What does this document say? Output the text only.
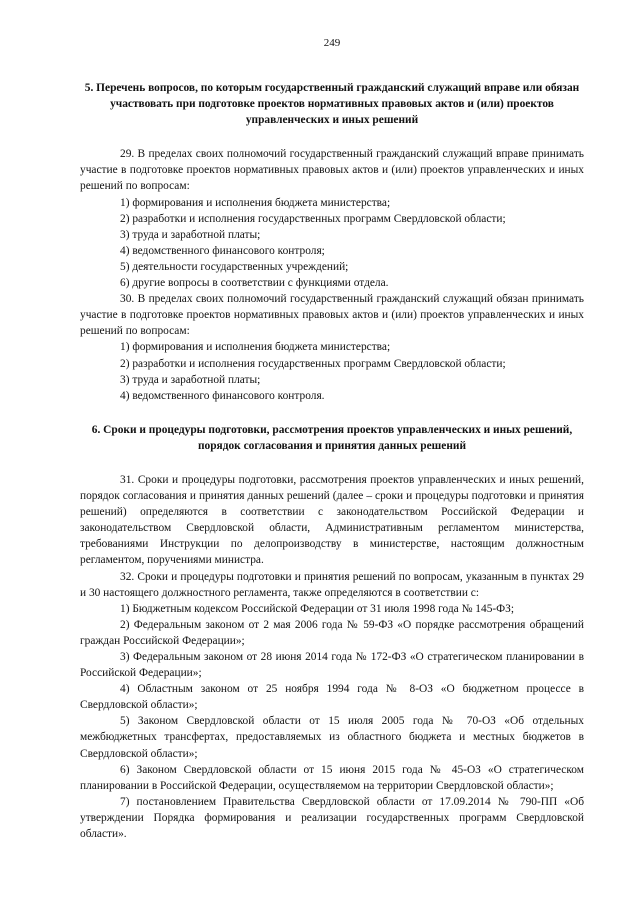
249
5. Перечень вопросов, по которым государственный гражданский служащий вправе или обязан участвовать при подготовке проектов нормативных правовых актов и (или) проектов управленческих и иных решений

29. В пределах своих полномочий государственный гражданский служащий вправе принимать участие в подготовке проектов нормативных правовых актов и (или) проектов управленческих и иных решений по вопросам:

1) формирования и исполнения бюджета министерства;
2) разработки и исполнения государственных программ Свердловской области;
3) труда и заработной платы;
4) ведомственного финансового контроля;
5) деятельности государственных учреждений;
6) другие вопросы в соответствии с функциями отдела.

30. В пределах своих полномочий государственный гражданский служащий обязан принимать участие в подготовке проектов нормативных правовых актов и (или) проектов управленческих и иных решений по вопросам:

1) формирования и исполнения бюджета министерства;
2) разработки и исполнения государственных программ Свердловской области;
3) труда и заработной платы;
4) ведомственного финансового контроля.
6. Сроки и процедуры подготовки, рассмотрения проектов управленческих и иных решений, порядок согласования и принятия данных решений

31. Сроки и процедуры подготовки, рассмотрения проектов управленческих и иных решений, порядок согласования и принятия данных решений (далее – сроки и процедуры подготовки и принятия решений) определяются в соответствии с законодательством Российской Федерации и законодательством Свердловской области, Административным регламентом министерства, требованиями Инструкции по делопроизводству в министерстве, настоящим должностным регламентом, поручениями министра.

32. Сроки и процедуры подготовки и принятия решений по вопросам, указанным в пунктах 29 и 30 настоящего должностного регламента, также определяются в соответствии с:

1) Бюджетным кодексом Российской Федерации от 31 июля 1998 года № 145-ФЗ;
2) Федеральным законом от 2 мая 2006 года № 59-ФЗ «О порядке рассмотрения обращений граждан Российской Федерации»;
3) Федеральным законом от 28 июня 2014 года № 172-ФЗ «О стратегическом планировании в Российской Федерации»;
4) Областным законом от 25 ноября 1994 года № 8-ОЗ «О бюджетном процессе в Свердловской области»;
5) Законом Свердловской области от 15 июля 2005 года № 70-ОЗ «Об отдельных межбюджетных трансфертах, предоставляемых из областного бюджета и местных бюджетов в Свердловской области»;
6) Законом Свердловской области от 15 июня 2015 года № 45-ОЗ «О стратегическом планировании в Российской Федерации, осуществляемом на территории Свердловской области»;
7) постановлением Правительства Свердловской области от 17.09.2014 № 790-ПП «Об утверждении Порядка формирования и реализации государственных программ Свердловской области».
